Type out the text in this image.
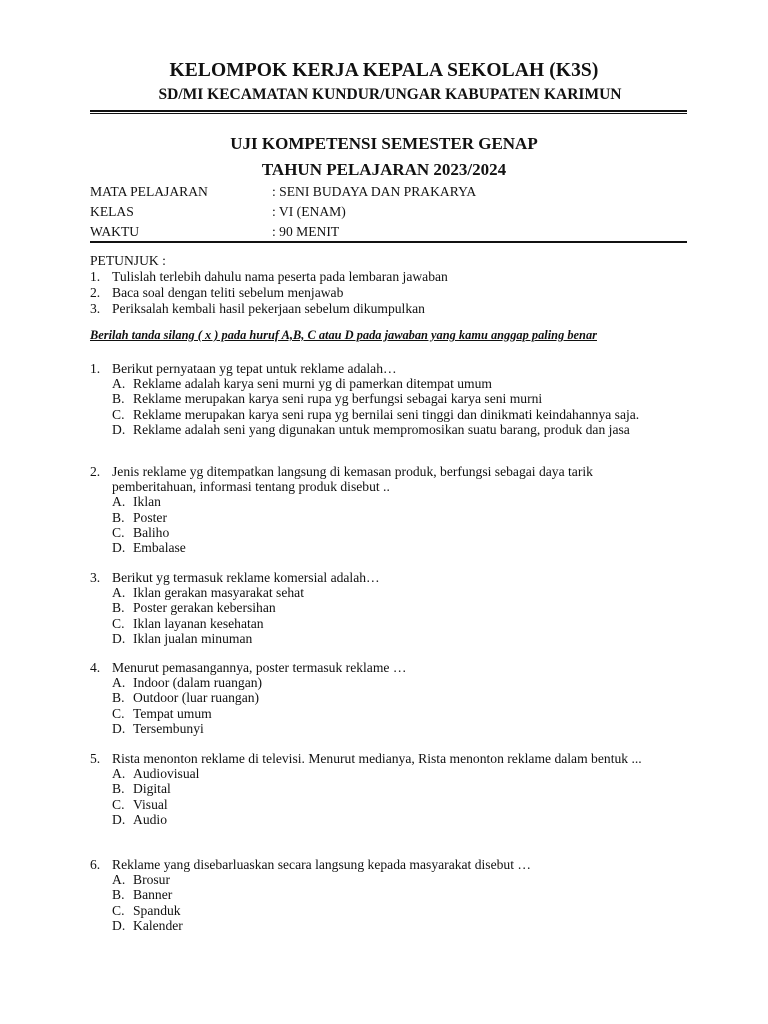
KELOMPOK KERJA KEPALA SEKOLAH (K3S)
SD/MI KECAMATAN KUNDUR/UNGAR KABUPATEN KARIMUN
UJI KOMPETENSI SEMESTER GENAP
TAHUN PELAJARAN 2023/2024
MATA PELAJARAN	: SENI BUDAYA DAN PRAKARYA
KELAS	: VI (ENAM)
WAKTU	: 90 MENIT
PETUNJUK :
1. Tulislah terlebih dahulu nama peserta pada lembaran jawaban
2. Baca soal dengan teliti sebelum menjawab
3. Periksalah kembali hasil pekerjaan sebelum dikumpulkan
Berilah tanda silang ( x ) pada huruf A,B, C atau D pada jawaban yang kamu anggap paling benar
1. Berikut pernyataan yg tepat untuk reklame adalah…
A. Reklame adalah karya seni murni yg di pamerkan ditempat umum
B. Reklame merupakan karya seni rupa yg berfungsi sebagai karya seni murni
C. Reklame merupakan karya seni rupa yg bernilai seni tinggi dan dinikmati keindahannya saja.
D. Reklame adalah seni yang digunakan untuk mempromosikan suatu barang, produk dan jasa
2. Jenis reklame yg ditempatkan langsung di kemasan produk, berfungsi sebagai daya tarik pemberitahuan, informasi tentang produk disebut ..
A. Iklan
B. Poster
C. Baliho
D. Embalase
3. Berikut yg termasuk reklame komersial adalah…
A. Iklan gerakan masyarakat sehat
B. Poster gerakan kebersihan
C. Iklan layanan kesehatan
D. Iklan jualan minuman
4. Menurut pemasangannya, poster termasuk reklame …
A. Indoor (dalam ruangan)
B. Outdoor (luar ruangan)
C. Tempat umum
D. Tersembunyi
5. Rista menonton reklame di televisi. Menurut medianya, Rista menonton reklame dalam bentuk ...
A. Audiovisual
B. Digital
C. Visual
D. Audio
6. Reklame yang disebarluaskan secara langsung kepada masyarakat disebut …
A. Brosur
B. Banner
C. Spanduk
D. Kalender
